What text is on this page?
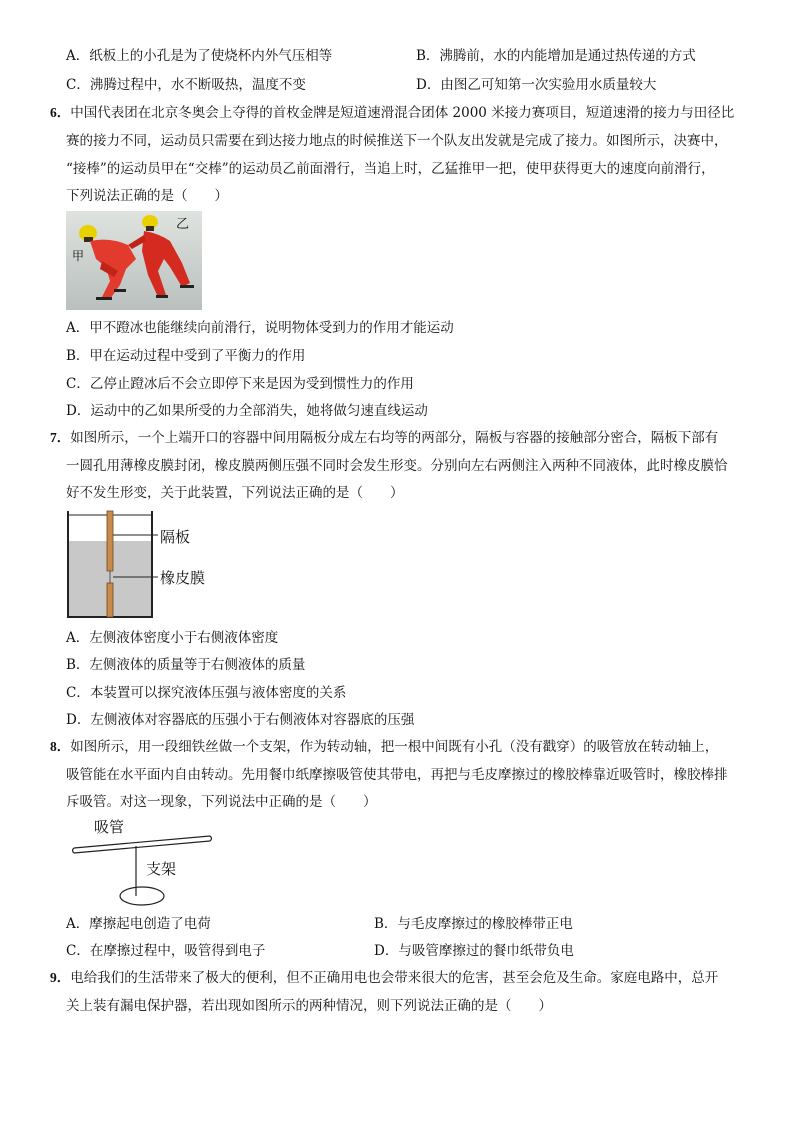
A．纸板上的小孔是为了使烧杯内外气压相等	B．沸腾前，水的内能增加是通过热传递的方式
C．沸腾过程中，水不断吸热，温度不变	D．由图乙可知第一次实验用水质量较大
6．中国代表团在北京冬奥会上夺得的首枚金牌是短道速滑混合团体 2000 米接力赛项目，短道速滑的接力与田径比
赛的接力不同，运动员只需要在到达接力地点的时候推送下一个队友出发就是完成了接力。如图所示，决赛中，
“接棒”的运动员甲在“交棒”的运动员乙前面滑行，当追上时，乙猛推甲一把，使甲获得更大的速度向前滑行，
下列说法正确的是（　　）
乙
甲
A．甲不蹬冰也能继续向前滑行，说明物体受到力的作用才能运动
B．甲在运动过程中受到了平衡力的作用
C．乙停止蹬冰后不会立即停下来是因为受到惯性力的作用
D．运动中的乙如果所受的力全部消失，她将做匀速直线运动
7．如图所示，一个上端开口的容器中间用隔板分成左右均等的两部分，隔板与容器的接触部分密合，隔板下部有
一圆孔用薄橡皮膜封闭，橡皮膜两侧压强不同时会发生形变。分别向左右两侧注入两种不同液体，此时橡皮膜恰
好不发生形变，关于此装置，下列说法正确的是（　　）
隔板
橡皮膜
A．左侧液体密度小于右侧液体密度
B．左侧液体的质量等于右侧液体的质量
C．本装置可以探究液体压强与液体密度的关系
D．左侧液体对容器底的压强小于右侧液体对容器底的压强
8．如图所示，用一段细铁丝做一个支架，作为转动轴，把一根中间既有小孔（没有戳穿）的吸管放在转动轴上，
吸管能在水平面内自由转动。先用餐巾纸摩擦吸管使其带电，再把与毛皮摩擦过的橡胶棒靠近吸管时，橡胶棒排
斥吸管。对这一现象，下列说法中正确的是（　　）
吸管
支架
A．摩擦起电创造了电荷	B．与毛皮摩擦过的橡胶棒带正电
C．在摩擦过程中，吸管得到电子	D．与吸管摩擦过的餐巾纸带负电
9．电给我们的生活带来了极大的便利，但不正确用电也会带来很大的危害，甚至会危及生命。家庭电路中，总开
关上装有漏电保护器，若出现如图所示的两种情况，则下列说法正确的是（　　）
